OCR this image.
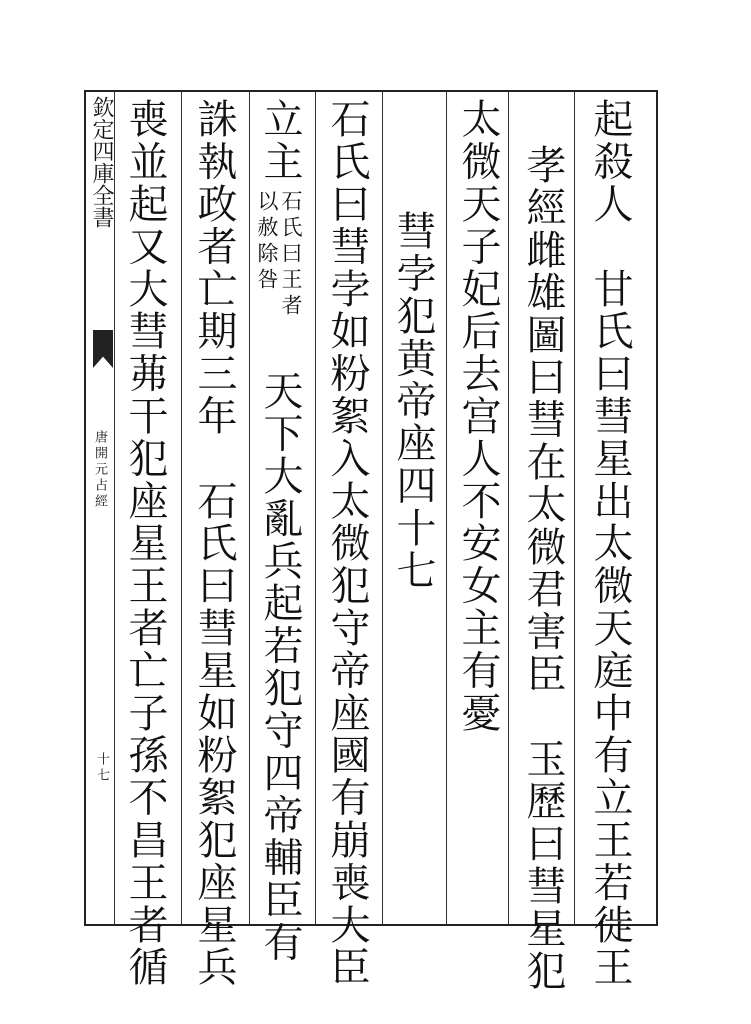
欽定四庫全書
唐開元占經
十七	起殺人　甘氏曰彗星出太微天庭中有立王若徙王
孝經雌雄圖曰彗在太微君害臣　玉歷曰彗星犯
太微天子妃后去宫人不安女主有憂
彗孛犯黄帝座四十七
石氏曰彗孛如粉絮入太微犯守帝座國有崩喪大臣
立主
石氏曰王者
以赦除咎
天下大亂兵起若犯守四帝輔臣有
誅執政者亡期三年　石氏曰彗星如粉絮犯座星兵
喪並起又大彗茀干犯座星王者亡子孫不昌王者循
